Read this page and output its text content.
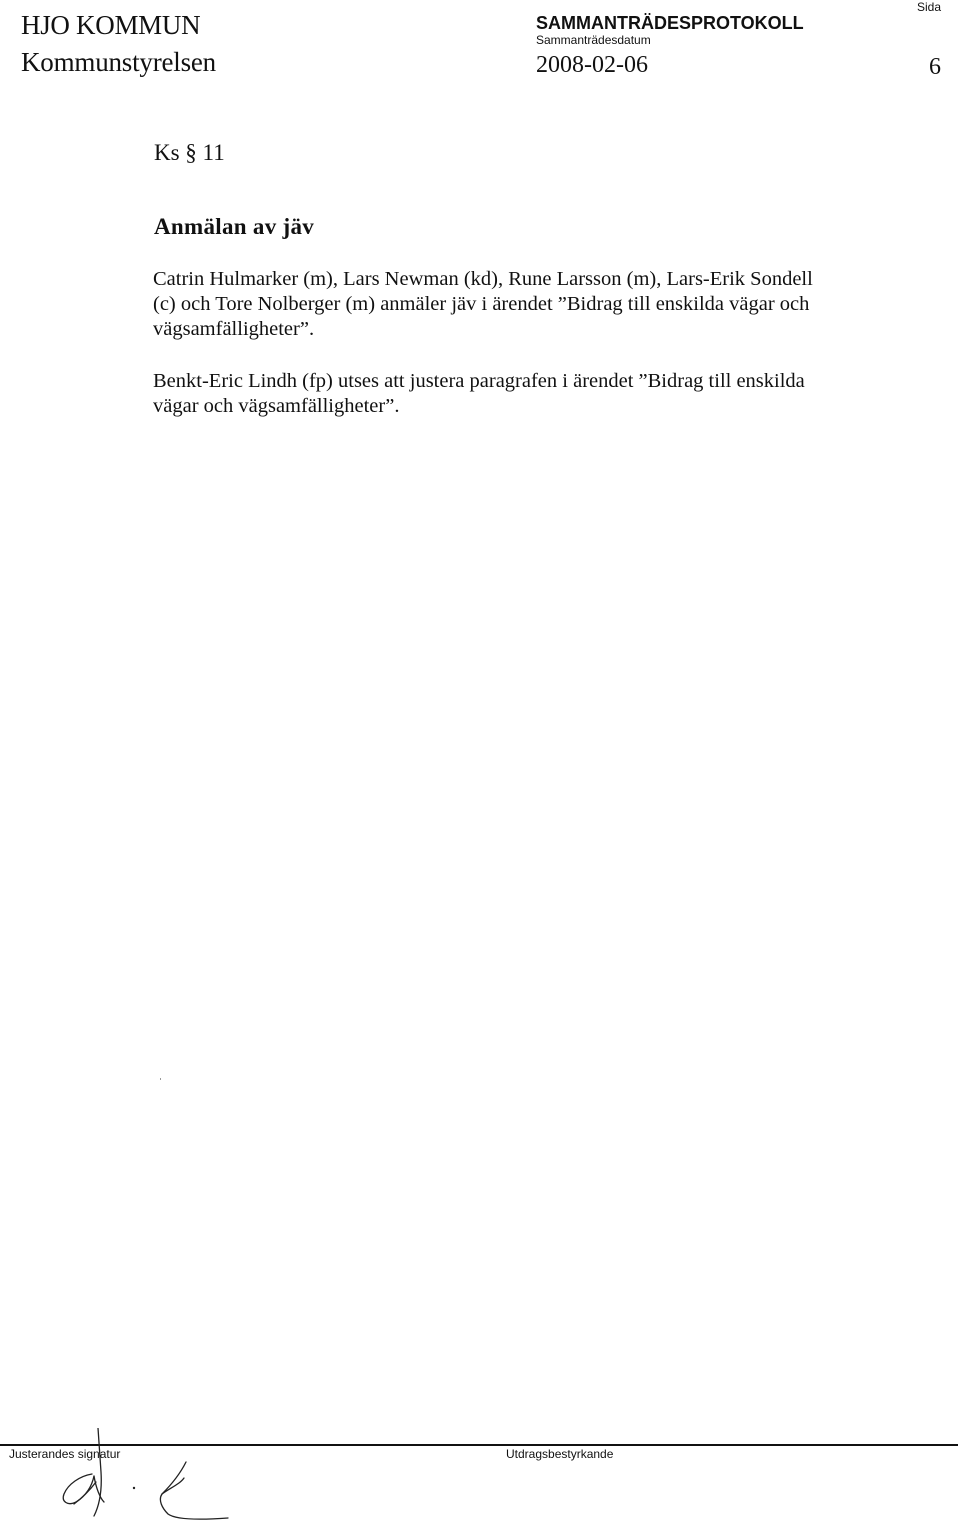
HJO KOMMUN
Kommunstyrelsen
SAMMANTRÄDESPROTOKOLL
Sammanträdesdatum
2008-02-06
Sida
6
Ks § 11
Anmälan av jäv

Catrin Hulmarker (m), Lars Newman (kd), Rune Larsson (m), Lars-Erik Sondell

(c) och Tore Nolberger (m) anmäler jäv i ärendet ”Bidrag till enskilda vägar och

vägsamfälligheter”.

Benkt-Eric Lindh (fp) utses att justera paragrafen i ärendet ”Bidrag till enskilda

vägar och vägsamfälligheter”.

Justerandes signatur	Utdragsbestyrkande
